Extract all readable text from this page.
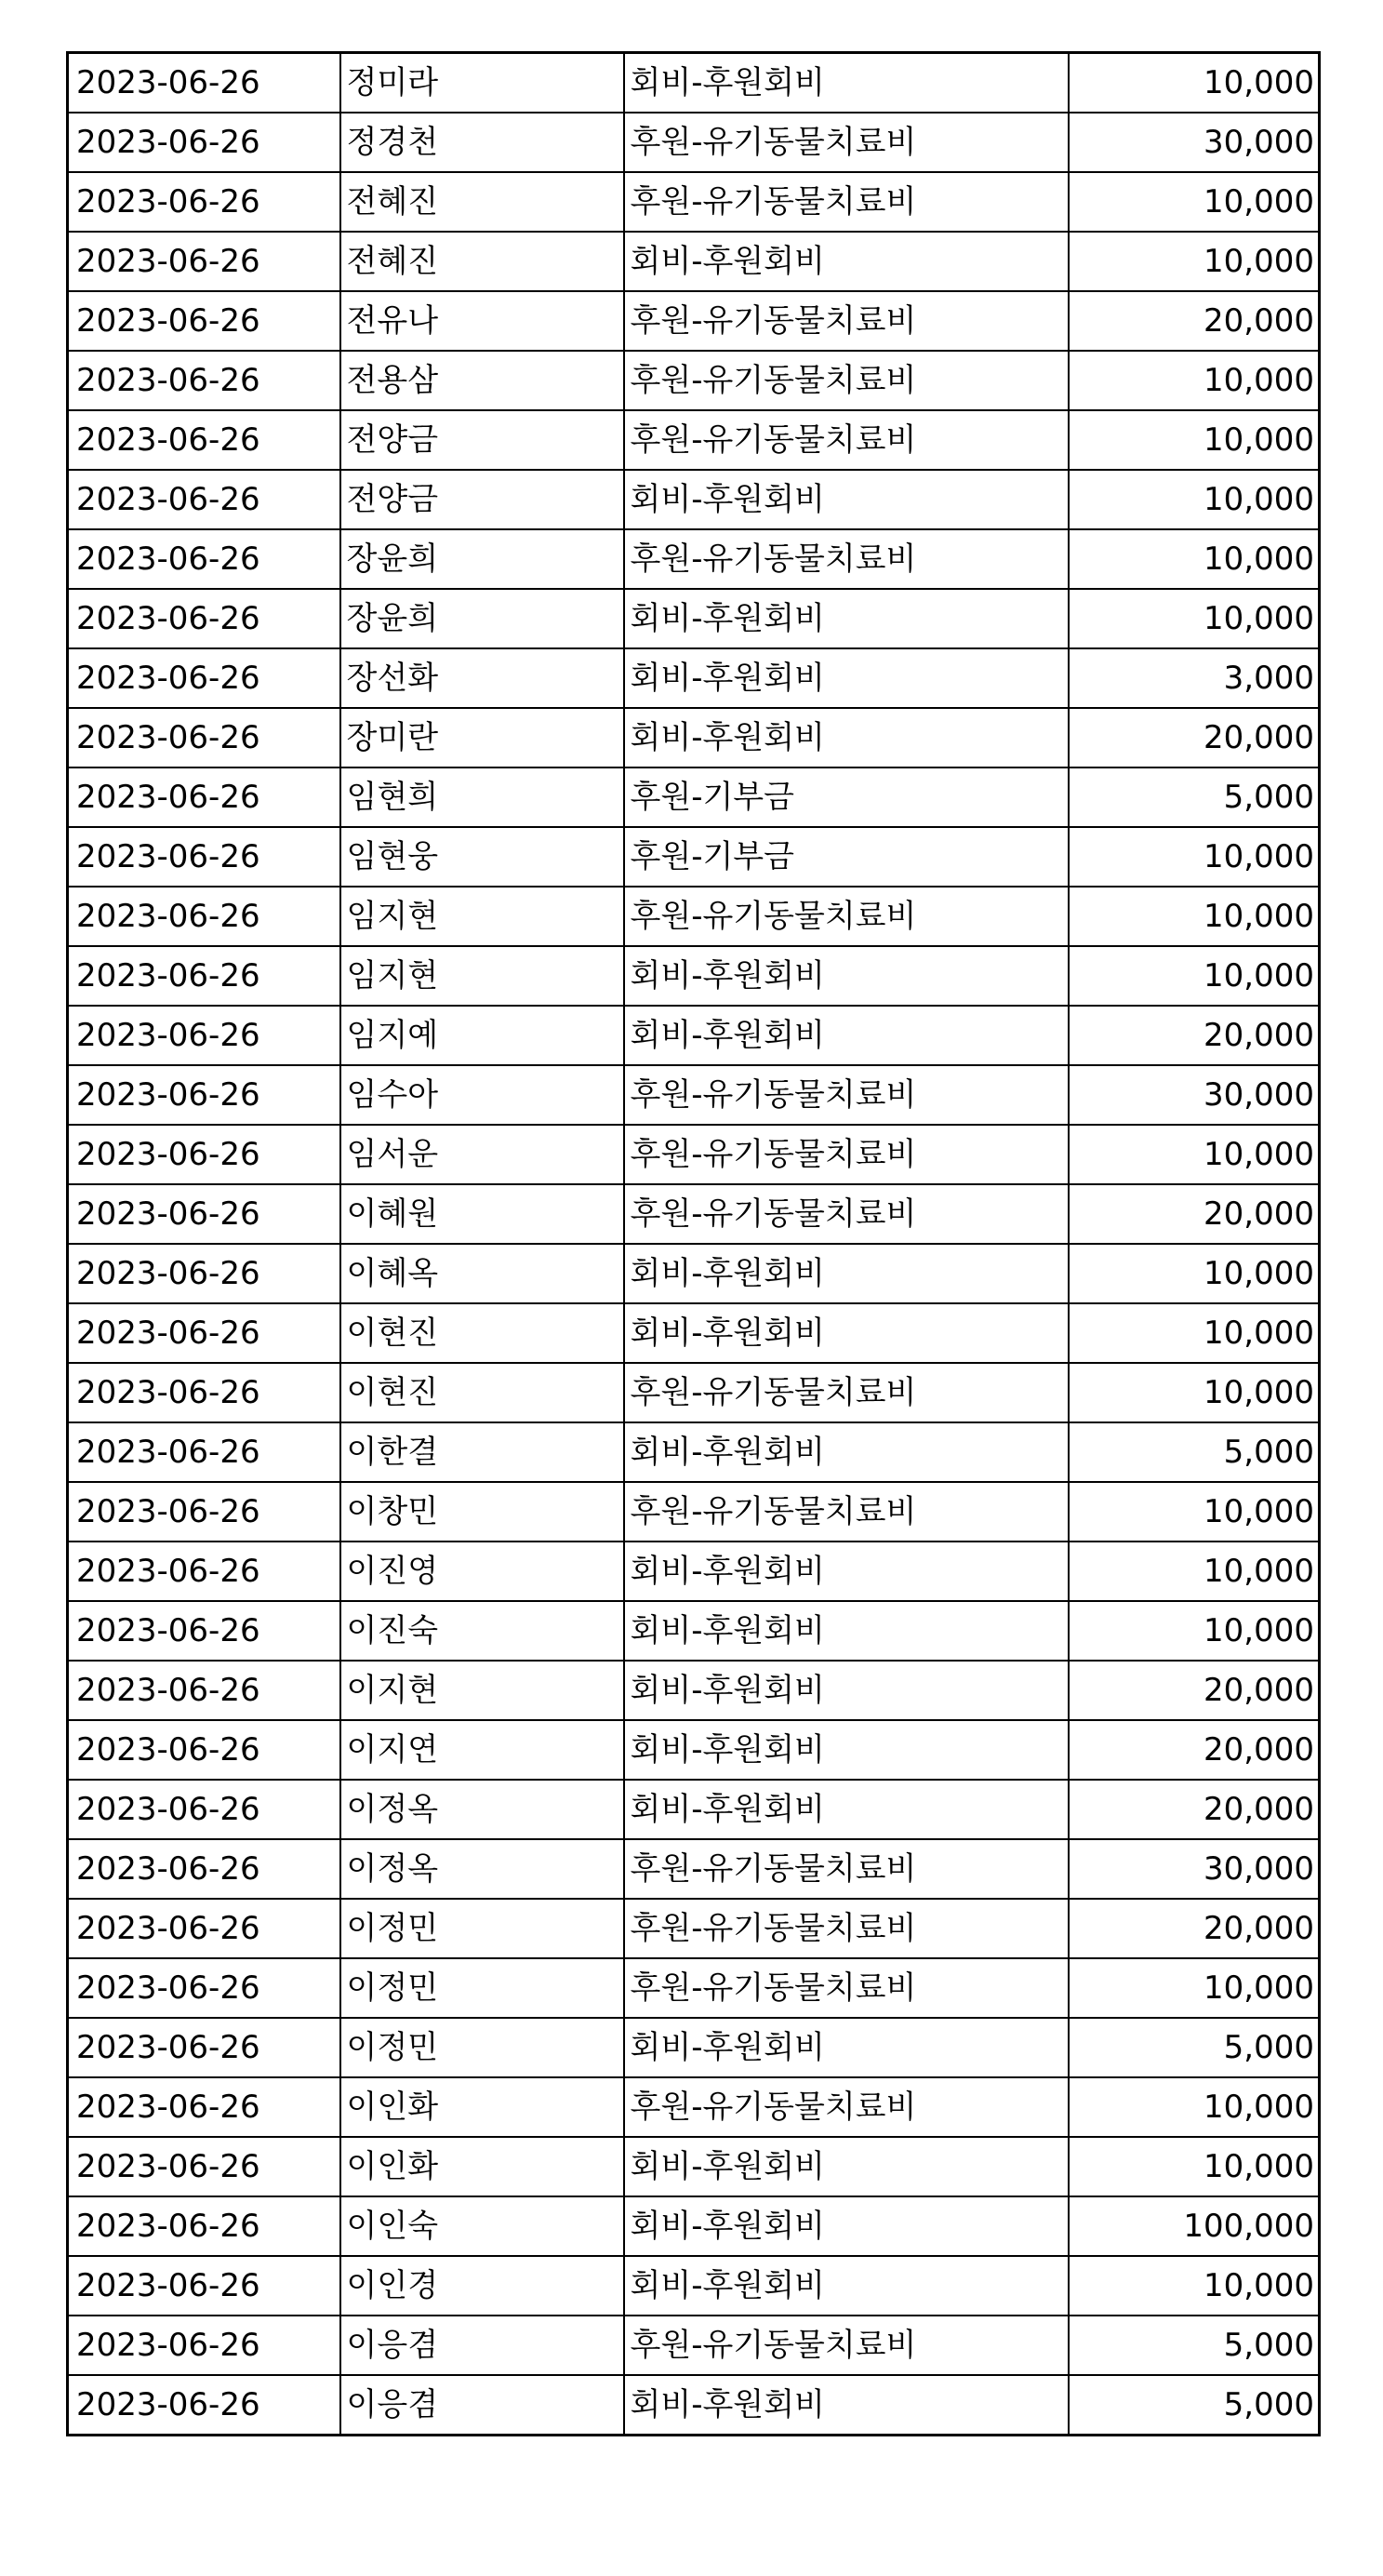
2023-06-26	정미라	회비-후원회비	10,000
2023-06-26	정경천	후원-유기동물치료비	30,000
2023-06-26	전혜진	후원-유기동물치료비	10,000
2023-06-26	전혜진	회비-후원회비	10,000
2023-06-26	전유나	후원-유기동물치료비	20,000
2023-06-26	전용삼	후원-유기동물치료비	10,000
2023-06-26	전양금	후원-유기동물치료비	10,000
2023-06-26	전양금	회비-후원회비	10,000
2023-06-26	장윤희	후원-유기동물치료비	10,000
2023-06-26	장윤희	회비-후원회비	10,000
2023-06-26	장선화	회비-후원회비	3,000
2023-06-26	장미란	회비-후원회비	20,000
2023-06-26	임현희	후원-기부금	5,000
2023-06-26	임현웅	후원-기부금	10,000
2023-06-26	임지현	후원-유기동물치료비	10,000
2023-06-26	임지현	회비-후원회비	10,000
2023-06-26	임지예	회비-후원회비	20,000
2023-06-26	임수아	후원-유기동물치료비	30,000
2023-06-26	임서운	후원-유기동물치료비	10,000
2023-06-26	이혜원	후원-유기동물치료비	20,000
2023-06-26	이혜옥	회비-후원회비	10,000
2023-06-26	이현진	회비-후원회비	10,000
2023-06-26	이현진	후원-유기동물치료비	10,000
2023-06-26	이한결	회비-후원회비	5,000
2023-06-26	이창민	후원-유기동물치료비	10,000
2023-06-26	이진영	회비-후원회비	10,000
2023-06-26	이진숙	회비-후원회비	10,000
2023-06-26	이지현	회비-후원회비	20,000
2023-06-26	이지연	회비-후원회비	20,000
2023-06-26	이정옥	회비-후원회비	20,000
2023-06-26	이정옥	후원-유기동물치료비	30,000
2023-06-26	이정민	후원-유기동물치료비	20,000
2023-06-26	이정민	후원-유기동물치료비	10,000
2023-06-26	이정민	회비-후원회비	5,000
2023-06-26	이인화	후원-유기동물치료비	10,000
2023-06-26	이인화	회비-후원회비	10,000
2023-06-26	이인숙	회비-후원회비	100,000
2023-06-26	이인경	회비-후원회비	10,000
2023-06-26	이응겸	후원-유기동물치료비	5,000
2023-06-26	이응겸	회비-후원회비	5,000
